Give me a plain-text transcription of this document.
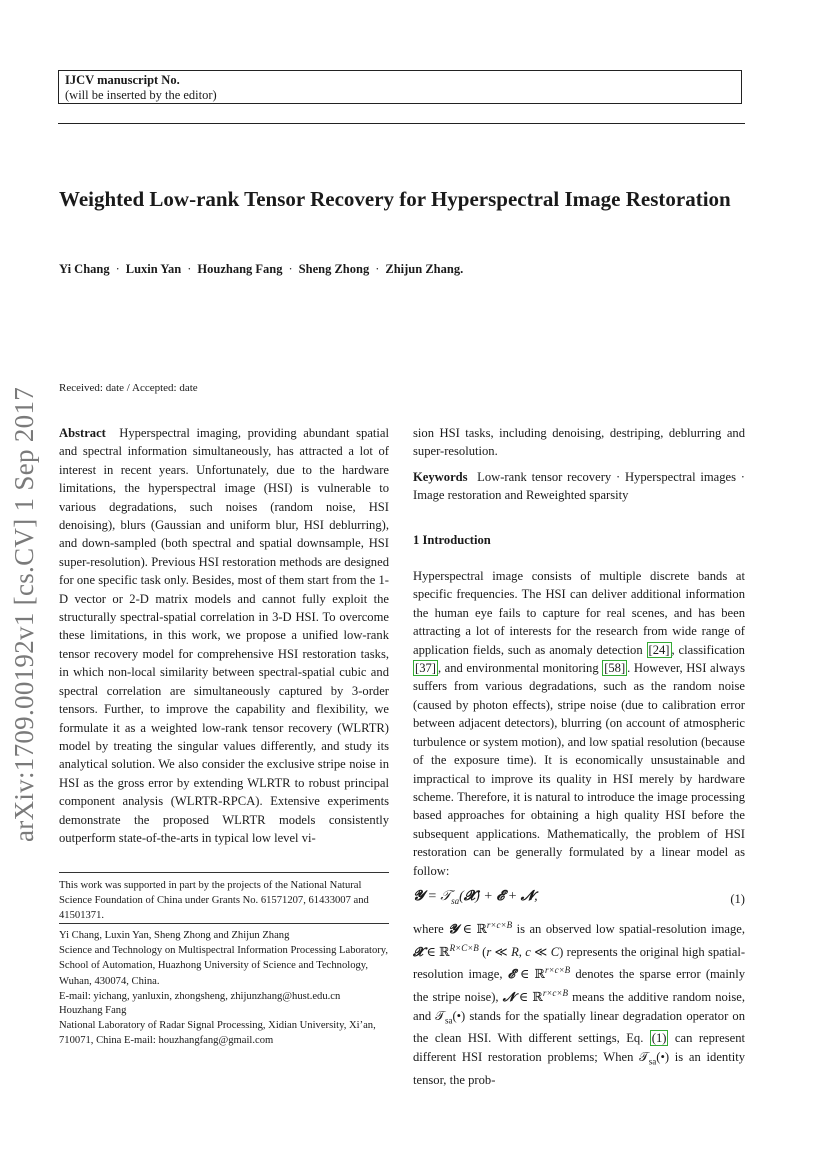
IJCV manuscript No.
(will be inserted by the editor)
Weighted Low-rank Tensor Recovery for Hyperspectral Image Restoration
Yi Chang · Luxin Yan · Houzhang Fang · Sheng Zhong · Zhijun Zhang.
arXiv:1709.00192v1 [cs.CV] 1 Sep 2017	Received: date / Accepted: date

Abstract Hyperspectral imaging, providing abundant spatial and spectral information simultaneously, has attracted a lot of interest in recent years. Unfortunately, due to the hardware limitations, the hyperspectral image (HSI) is vulnerable to various degradations, such noises (random noise, HSI denoising), blurs (Gaussian and uniform blur, HSI deblurring), and down-sampled (both spectral and spatial downsample, HSI super-resolution). Previous HSI restoration methods are designed for one specific task only. Besides, most of them start from the 1-D vector or 2-D matrix models and cannot fully exploit the structurally spectral-spatial correlation in 3-D HSI. To overcome these limitations, in this work, we propose a unified low-rank tensor recovery model for comprehensive HSI restoration tasks, in which non-local similarity between spectral-spatial cubic and spectral correlation are simultaneously captured by 3-order tensors. Further, to improve the capability and flexibility, we formulate it as a weighted low-rank tensor recovery (WLRTR) model by treating the singular values differently, and study its analytical solution. We also consider the exclusive stripe noise in HSI as the gross error by extending WLRTR to robust principal component analysis (WLRTR-RPCA). Extensive experiments demonstrate the proposed WLRTR models consistently outperform state-of-the-arts in typical low level vi-

This work was supported in part by the projects of the National Natural Science Foundation of China under Grants No. 61571207, 61433007 and 41501371.
Yi Chang, Luxin Yan, Sheng Zhong and Zhijun Zhang
Science and Technology on Multispectral Information Processing Laboratory, School of Automation, Huazhong University of Science and Technology, Wuhan, 430074, China.
E-mail: yichang, yanluxin, zhongsheng, zhijunzhang@hust.edu.cn
Houzhang Fang
National Laboratory of Radar Signal Processing, Xidian University, Xi’an, 710071, China E-mail: houzhangfang@gmail.com

sion HSI tasks, including denoising, destriping, deblurring and super-resolution.

Keywords Low-rank tensor recovery · Hyperspectral images · Image restoration and Reweighted sparsity

1 Introduction

Hyperspectral image consists of multiple discrete bands at specific frequencies. The HSI can deliver additional information the human eye fails to capture for real scenes, and has been attracting a lot of interests for the research from wide range of application fields, such as anomaly detection [24] , classification [37] , and environmental monitoring [58] . However, HSI always suffers from various degradations, such as the random noise (caused by photon effects), stripe noise (due to calibration error between adjacent detectors), blurring (on account of atmospheric turbulence or system motion), and low spatial resolution (because of the exposure time). It is economically unsustainable and impractical to improve its quality in HSI merely by hardware scheme. Therefore, it is natural to introduce the image processing based approaches for obtaining a high quality HSI before the subsequent applications. Mathematically, the problem of HSI restoration can be generally formulated by a linear model as follow:

𝓨 = 𝒯$_{sa}$(𝓧) + 𝓔 + 𝓝,	(1)

where 𝓨 ∈ ℝ$^{r\times c\times B}$ is an observed low spatial-resolution image, 𝓧 ∈ ℝ$^{R\times C\times B}$ (r ≪ R, c ≪ C) represents the original high spatial-resolution image, 𝓔 ∈ ℝ$^{r\times c\times B}$ denotes the sparse error (mainly the stripe noise), 𝓝 ∈ ℝ$^{r\times c\times B}$ means the additive random noise, and 𝒯$_{sa}$(•) stands for the spatially linear degradation operator on the clean HSI. With different settings, Eq. (1) can represent different HSI restoration problems; When 𝒯$_{sa}$(•) is an identity tensor, the prob-
